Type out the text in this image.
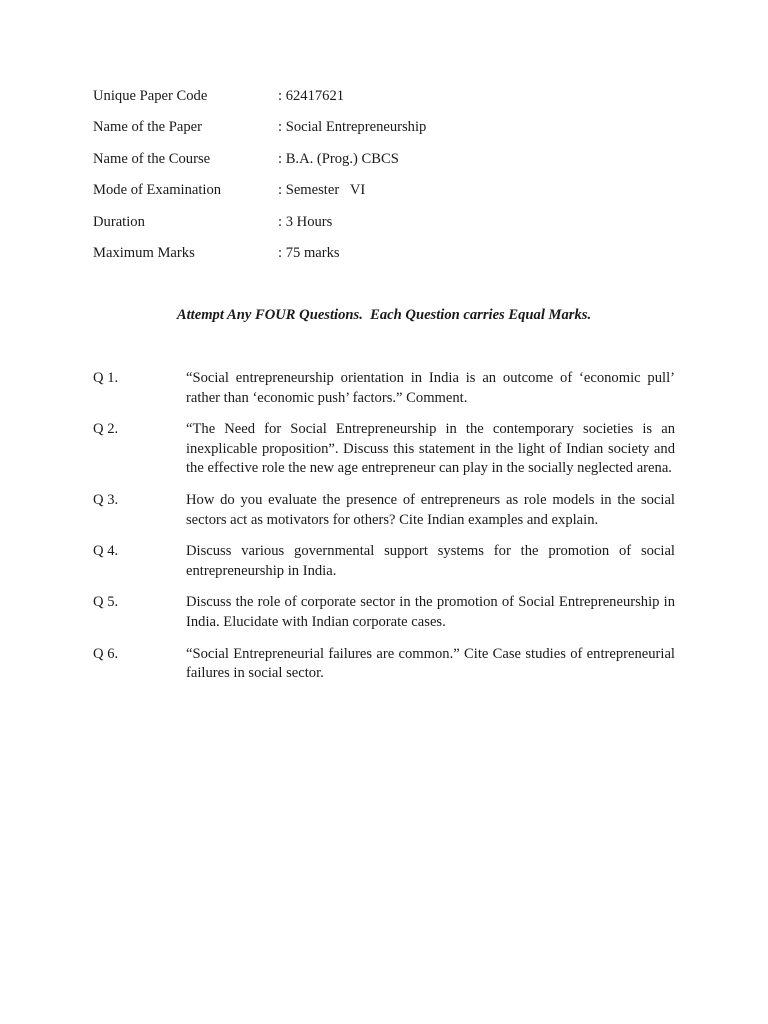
Unique Paper Code	: 62417621
Name of the Paper	: Social Entrepreneurship
Name of the Course	: B.A. (Prog.) CBCS
Mode of Examination	: Semester   VI
Duration	: 3 Hours
Maximum Marks	: 75 marks
Attempt Any FOUR Questions.  Each Question carries Equal Marks.
Q 1.	“Social entrepreneurship orientation in India is an outcome of ‘economic pull’ rather than ‘economic push’ factors.” Comment.
Q 2.	“The Need for Social Entrepreneurship in the contemporary societies is an inexplicable proposition”. Discuss this statement in the light of Indian society and the effective role the new age entrepreneur can play in the socially neglected arena.
Q 3.	How do you evaluate the presence of entrepreneurs as role models in the social sectors act as motivators for others? Cite Indian examples and explain.
Q 4.	Discuss various governmental support systems for the promotion of social entrepreneurship in India.
Q 5.	Discuss the role of corporate sector in the promotion of Social Entrepreneurship in India. Elucidate with Indian corporate cases.
Q 6.	“Social Entrepreneurial failures are common.” Cite Case studies of entrepreneurial failures in social sector.
